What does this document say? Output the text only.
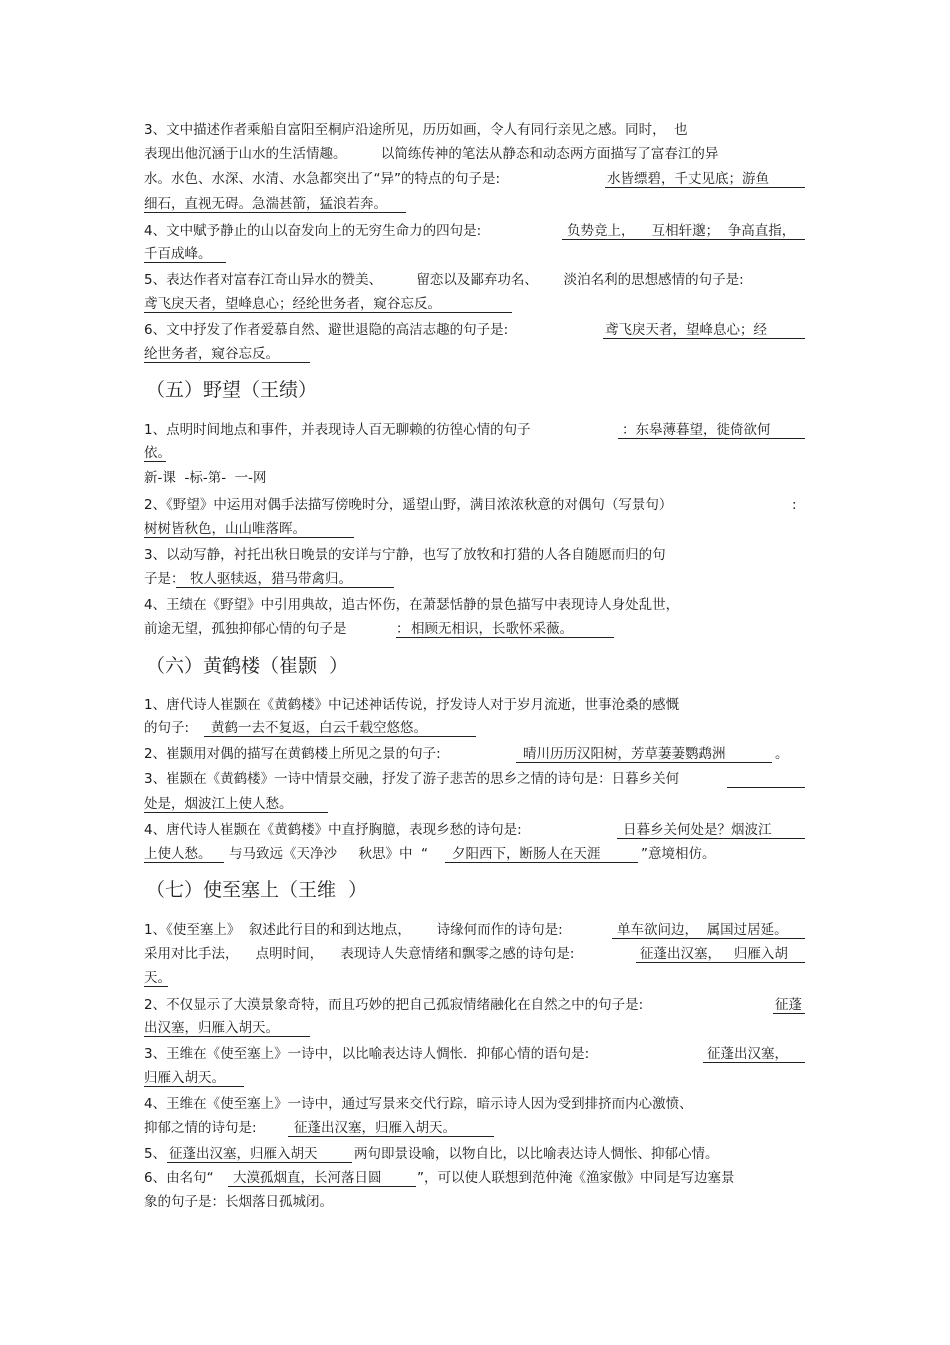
3、文中描述作者乘船自富阳至桐庐沿途所见，历历如画，令人有同行亲见之感。同时，  也
表现出他沉涵于山水的生活情趣。        以简练传神的笔法从静态和动态两方面描写了富春江的异
水。水色、水深、水清、水急都突出了“异”的特点的句子是:	水皆缥碧，千丈见底；游鱼
细石，直视无碍。急湍甚箭，猛浪若奔。
4、文中赋予静止的山以奋发向上的无穷生命力的四句是:	负势竞上，    互相轩邈；  争高直指，
千百成峰。
5、表达作者对富春江奇山异水的赞美、        留恋以及鄙弃功名、      淡泊名利的思想感情的句子是:
鸢飞戾天者，望峰息心；经纶世务者，窥谷忘反。
6、文中抒发了作者爱慕自然、避世退隐的高洁志趣的句子是:	鸢飞戾天者，望峰息心；经
纶世务者，窥谷忘反。
（五）野望（王绩）
1、点明时间地点和事件，并表现诗人百无聊赖的彷徨心情的句子	：东皋薄暮望，徙倚欲何
依。
新-课  -标-第-  一-网
2、《野望》中运用对偶手法描写傍晚时分，遥望山野，满目浓浓秋意的对偶句（写景句）	:
树树皆秋色，山山唯落晖。
3、以动写静，衬托出秋日晚景的安详与宁静，也写了放牧和打猎的人各自随愿而归的句
子是： 牧人驱犊返，猎马带禽归。
4、王绩在《野望》中引用典故，追古怀伤，在萧瑟恬静的景色描写中表现诗人身处乱世，
前途无望，孤独抑郁心情的句子是	： 相顾无相识，长歌怀采薇。
（六）黄鹤楼（崔颢  ）
1、唐代诗人崔颢在《黄鹤楼》中记述神话传说，抒发诗人对于岁月流逝，世事沧桑的感慨
的句子: 黄鹤一去不复返，白云千载空悠悠。
2、崔颢用对偶的描写在黄鹤楼上所见之景的句子:	晴川历历汉阳树，芳草萋萋鹦鹉洲	。
3、崔颢在《黄鹤楼》一诗中情景交融，抒发了游子悲苦的思乡之情的诗句是：日暮乡关何
处是，烟波江上使人愁。
4、唐代诗人崔颢在《黄鹤楼》中直抒胸臆，表现乡愁的诗句是:	日暮乡关何处是？烟波江
上使人愁。 与马致远《天净沙     秋思》中  “ 夕阳西下，断肠人在天涯	”意境相仿。
（七）使至塞上（王维  ）
1、《使至塞上》  叙述此行目的和到达地点，      诗缘何而作的诗句是:	单车欲问边，  属国过居延。
采用对比手法，    点明时间，    表现诗人失意情绪和飘零之感的诗句是:	征蓬出汉塞，   归雁入胡
天。
2、不仅显示了大漠景象奇特，而且巧妙的把自己孤寂情绪融化在自然之中的句子是:	征蓬
出汉塞，归雁入胡天。
3、王维在《使至塞上》一诗中，以比喻表达诗人惆怅．抑郁心情的语句是:	征蓬出汉塞，
归雁入胡天。
4、王维在《使至塞上》一诗中，通过写景来交代行踪，暗示诗人因为受到排挤而内心激愤、
抑郁之情的诗句是:	征蓬出汉塞，归雁入胡天。
5、 征蓬出汉塞，归雁入胡天	两句即景设喻，以物自比，以比喻表达诗人惆怅、抑郁心情。
6、由名句“ 大漠孤烟直，长河落日圆	”，可以使人联想到范仲淹《渔家傲》中同是写边塞景
象的句子是：长烟落日孤城闭。
